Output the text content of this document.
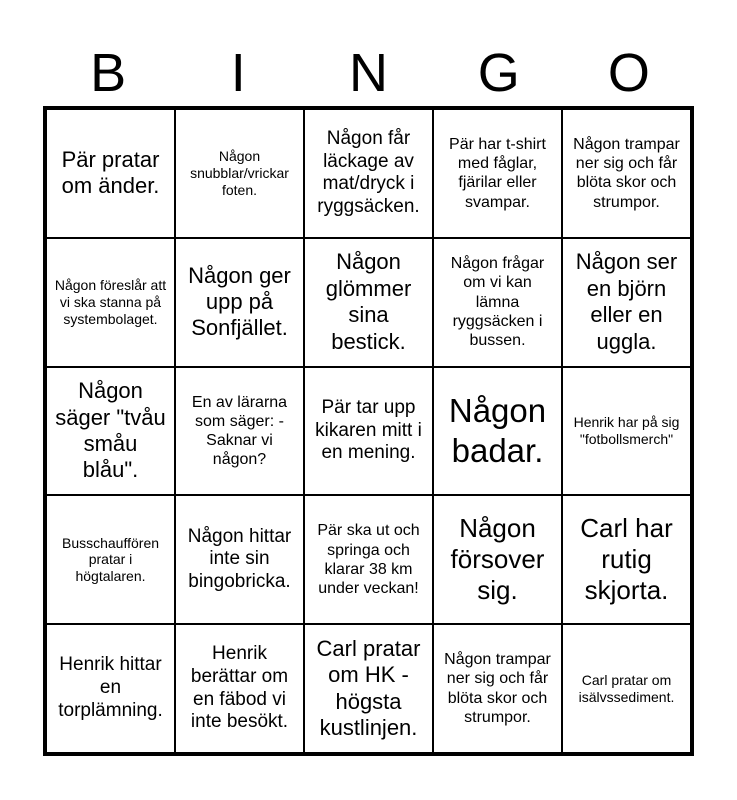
B	I	N	G	O
Pär pratar om änder.
Någon snubblar/vrickar foten.
Någon får läckage av mat/dryck i ryggsäcken.
Pär har t-shirt med fåglar, fjärilar eller svampar.
Någon trampar ner sig och får blöta skor och strumpor.
Någon föreslår att vi ska stanna på systembolaget.
Någon ger upp på Sonfjället.
Någon glömmer sina bestick.
Någon frågar om vi kan lämna ryggsäcken i bussen.
Någon ser en björn eller en uggla.
Någon säger "tvåu småu blåu".
En av lärarna som säger: - Saknar vi någon?
Pär tar upp kikaren mitt i en mening.
Någon badar.
Henrik har på sig "fotbollsmerch"
Busschauffören pratar i högtalaren.
Någon hittar inte sin bingobricka.
Pär ska ut och springa och klarar 38 km under veckan!
Någon försover sig.
Carl har rutig skjorta.
Henrik hittar en torplämning.
Henrik berättar om en fäbod vi inte besökt.
Carl pratar om HK - högsta kustlinjen.
Någon trampar ner sig och får blöta skor och strumpor.
Carl pratar om isälvssediment.
